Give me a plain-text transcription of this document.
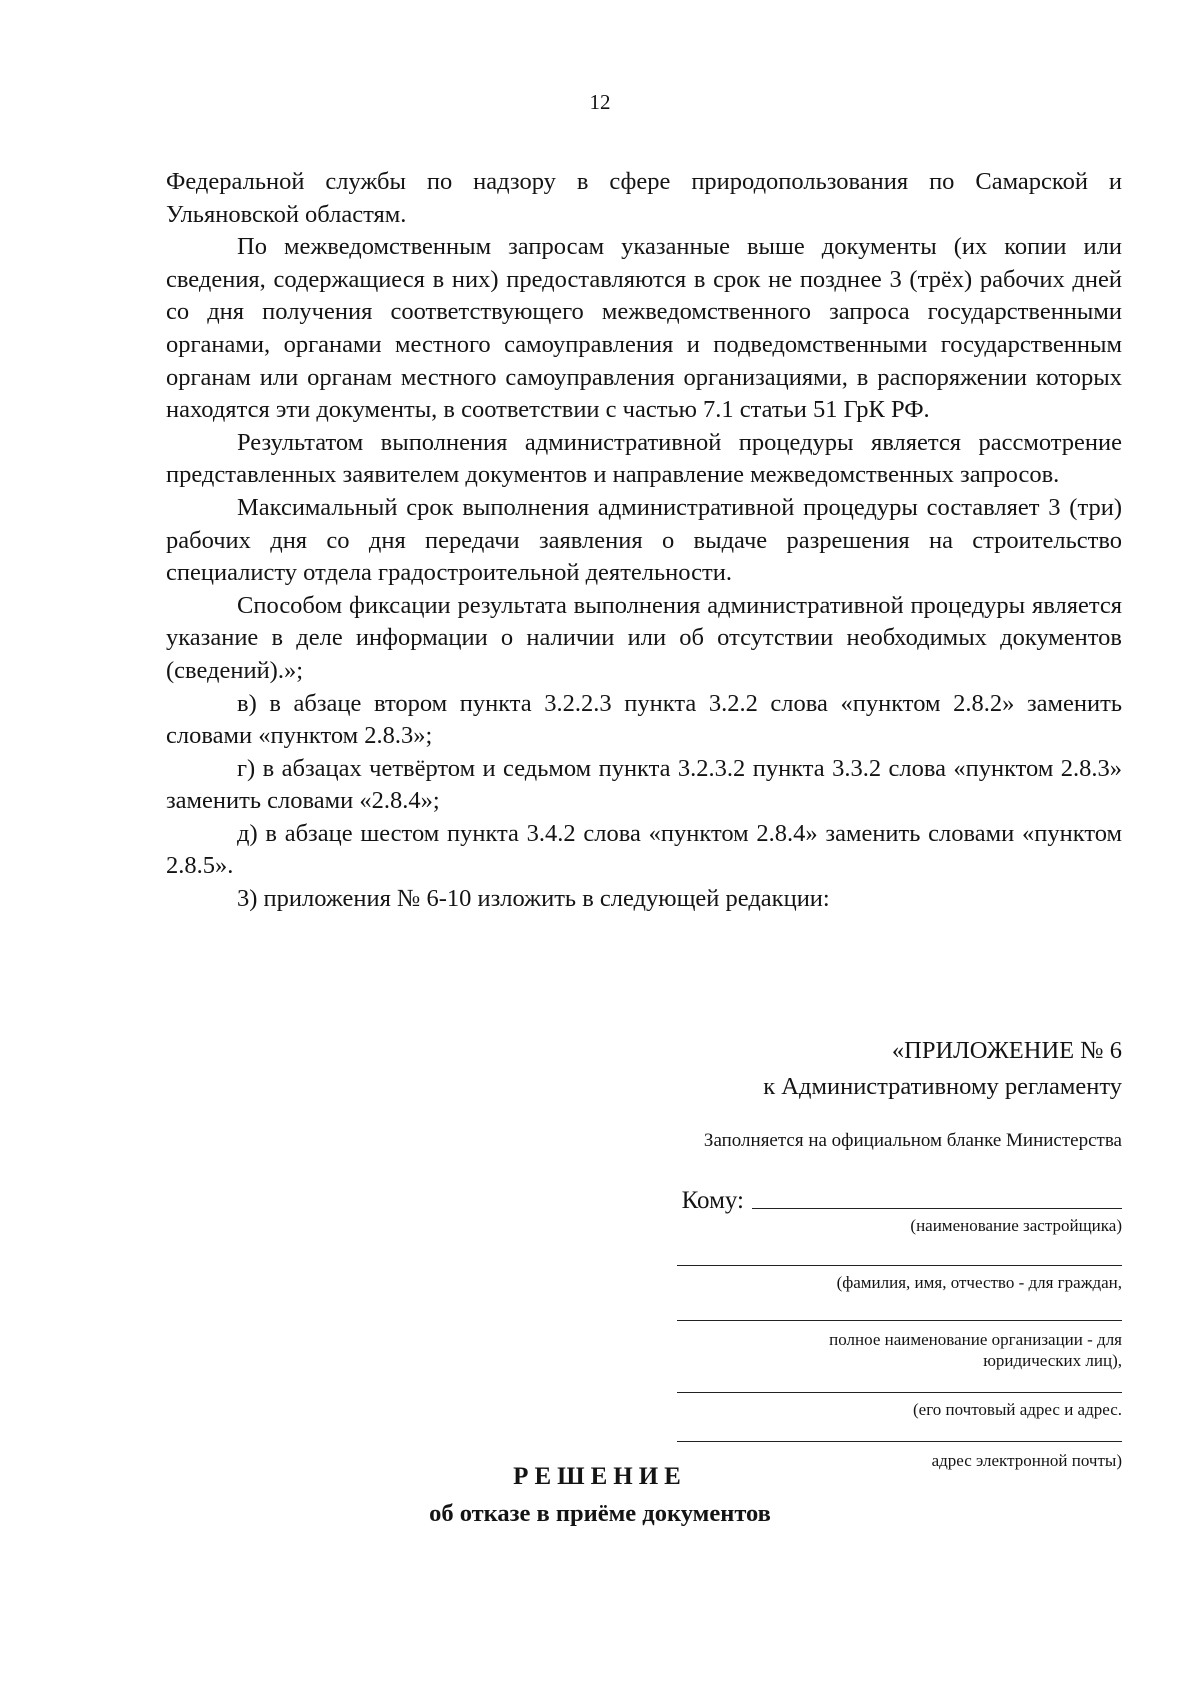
12

Федеральной службы по надзору в сфере природопользования по Самарской и Ульяновской областям.

По межведомственным запросам указанные выше документы (их копии или сведения, содержащиеся в них) предоставляются в срок не позднее 3 (трёх) рабочих дней со дня получения соответствующего межведомственного запроса государственными органами, органами местного самоуправления и подведомственными государственным органам или органам местного самоуправления организациями, в распоряжении которых находятся эти документы, в соответствии с частью 7.1 статьи 51 ГрК РФ.

Результатом выполнения административной процедуры является рассмотрение представленных заявителем документов и направление межведомственных запросов.

Максимальный срок выполнения административной процедуры составляет 3 (три) рабочих дня со дня передачи заявления о выдаче разрешения на строительство специалисту отдела градостроительной деятельности.

Способом фиксации результата выполнения административной процедуры является указание в деле информации о наличии или об отсутствии необходимых документов (сведений).»;

в) в абзаце втором пункта 3.2.2.3 пункта 3.2.2 слова «пунктом 2.8.2» заменить словами «пунктом 2.8.3»;

г) в абзацах четвёртом и седьмом пункта 3.2.3.2 пункта 3.3.2 слова «пунктом 2.8.3» заменить словами «2.8.4»;

д) в абзаце шестом пункта 3.4.2 слова «пунктом 2.8.4» заменить словами «пунктом 2.8.5».

3) приложения № 6-10 изложить в следующей редакции:

«ПРИЛОЖЕНИЕ № 6
к Административному регламенту
Заполняется на официальном бланке Министерства
Кому:
(наименование застройщика)
(фамилия, имя, отчество - для граждан,
полное наименование организации - для
юридических лиц),
(его почтовый адрес и адрес.
адрес электронной почты)
РЕШЕНИЕ
об отказе в приёме документов
